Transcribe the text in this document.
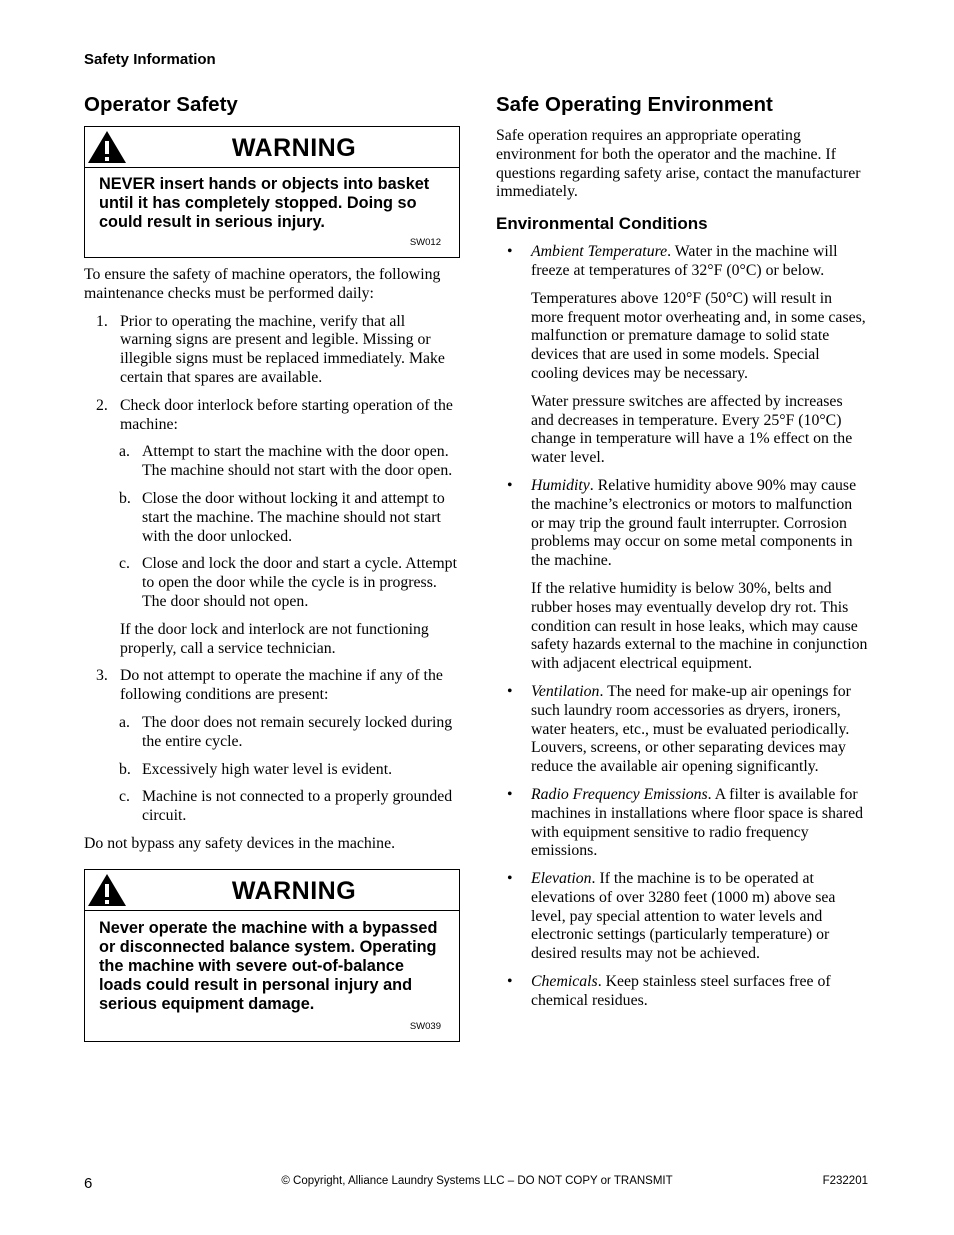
Safety Information
Operator Safety
WARNING
NEVER insert hands or objects into basket until it has completely stopped. Doing so could result in serious injury.
SW012

To ensure the safety of machine operators, the following maintenance checks must be performed daily:

1. Prior to operating the machine, verify that all warning signs are present and legible. Missing or illegible signs must be replaced immediately. Make certain that spares are available.

2. Check door interlock before starting operation of the machine:

a. Attempt to start the machine with the door open. The machine should not start with the door open.

b. Close the door without locking it and attempt to start the machine. The machine should not start with the door unlocked.

c. Close and lock the door and start a cycle. Attempt to open the door while the cycle is in progress. The door should not open.

If the door lock and interlock are not functioning properly, call a service technician.

3. Do not attempt to operate the machine if any of the following conditions are present:

a. The door does not remain securely locked during the entire cycle.

b. Excessively high water level is evident.

c. Machine is not connected to a properly grounded circuit.

Do not bypass any safety devices in the machine.

WARNING
Never operate the machine with a bypassed or disconnected balance system. Operating the machine with severe out-of-balance loads could result in personal injury and serious equipment damage.
SW039
Safe Operating Environment

Safe operation requires an appropriate operating environment for both the operator and the machine. If questions regarding safety arise, contact the manufacturer immediately.

Environmental Conditions
• Ambient Temperature. Water in the machine will freeze at temperatures of 32°F (0°C) or below.

Temperatures above 120°F (50°C) will result in more frequent motor overheating and, in some cases, malfunction or premature damage to solid state devices that are used in some models. Special cooling devices may be necessary.

Water pressure switches are affected by increases and decreases in temperature. Every 25°F (10°C) change in temperature will have a 1% effect on the water level.

• Humidity. Relative humidity above 90% may cause the machine’s electronics or motors to malfunction or may trip the ground fault interrupter. Corrosion problems may occur on some metal components in the machine.

If the relative humidity is below 30%, belts and rubber hoses may eventually develop dry rot. This condition can result in hose leaks, which may cause safety hazards external to the machine in conjunction with adjacent electrical equipment.

• Ventilation. The need for make-up air openings for such laundry room accessories as dryers, ironers, water heaters, etc., must be evaluated periodically. Louvers, screens, or other separating devices may reduce the available air opening significantly.

• Radio Frequency Emissions. A filter is available for machines in installations where floor space is shared with equipment sensitive to radio frequency emissions.

• Elevation. If the machine is to be operated at elevations of over 3280 feet (1000 m) above sea level, pay special attention to water levels and electronic settings (particularly temperature) or desired results may not be achieved.

• Chemicals. Keep stainless steel surfaces free of chemical residues.

© Copyright, Alliance Laundry Systems LLC – DO NOT COPY or TRANSMIT
6	F232201
